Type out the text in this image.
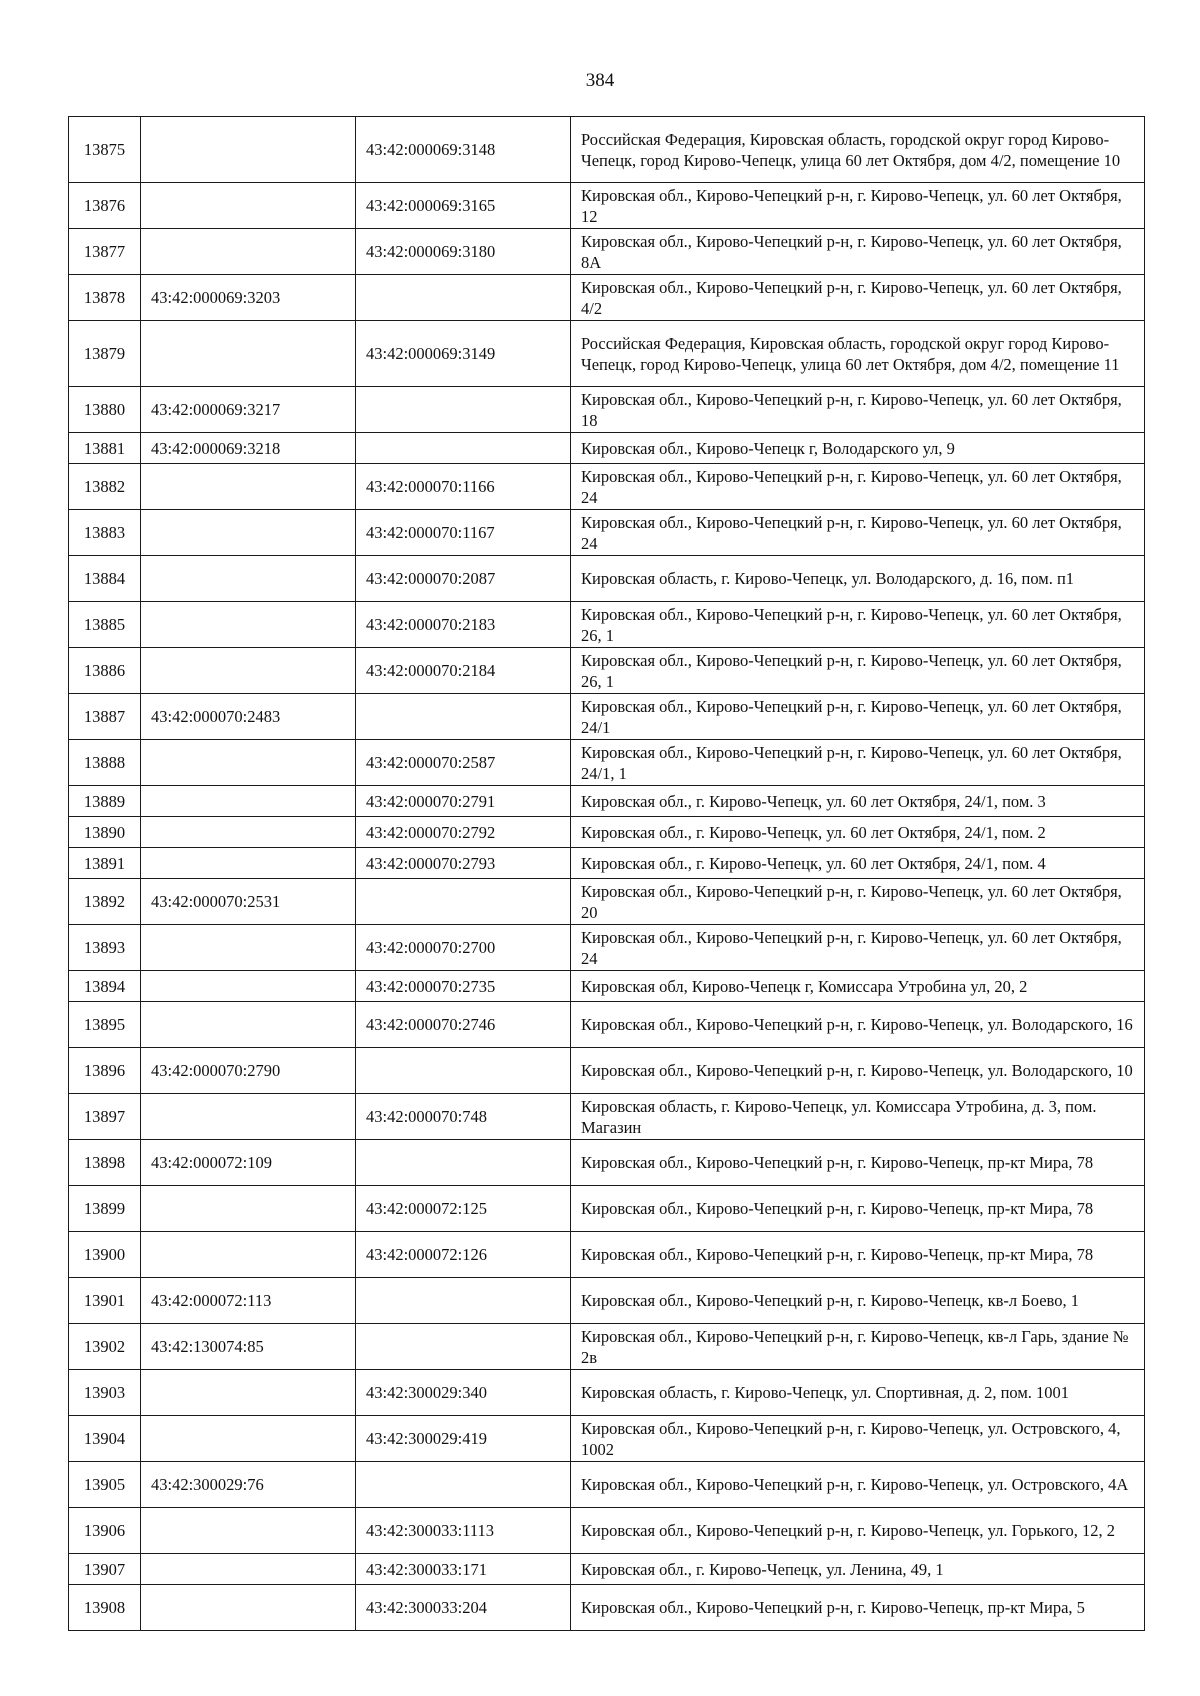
384
13875		43:42:000069:3148	Российская Федерация, Кировская область, городской округ город Кирово-Чепецк, город Кирово-Чепецк, улица 60 лет Октября, дом 4/2, помещение 10
13876		43:42:000069:3165	Кировская обл., Кирово-Чепецкий р-н, г. Кирово-Чепецк, ул. 60 лет Октября, 12
13877		43:42:000069:3180	Кировская обл., Кирово-Чепецкий р-н, г. Кирово-Чепецк, ул. 60 лет Октября, 8А
13878	43:42:000069:3203		Кировская обл., Кирово-Чепецкий р-н, г. Кирово-Чепецк, ул. 60 лет Октября, 4/2
13879		43:42:000069:3149	Российская Федерация, Кировская область, городской округ город Кирово-Чепецк, город Кирово-Чепецк, улица 60 лет Октября, дом 4/2, помещение 11
13880	43:42:000069:3217		Кировская обл., Кирово-Чепецкий р-н, г. Кирово-Чепецк, ул. 60 лет Октября, 18
13881	43:42:000069:3218		Кировская обл., Кирово-Чепецк г, Володарского ул, 9
13882		43:42:000070:1166	Кировская обл., Кирово-Чепецкий р-н, г. Кирово-Чепецк, ул. 60 лет Октября, 24
13883		43:42:000070:1167	Кировская обл., Кирово-Чепецкий р-н, г. Кирово-Чепецк, ул. 60 лет Октября, 24
13884		43:42:000070:2087	Кировская область, г. Кирово-Чепецк, ул. Володарского, д. 16, пом. п1
13885		43:42:000070:2183	Кировская обл., Кирово-Чепецкий р-н, г. Кирово-Чепецк, ул. 60 лет Октября, 26, 1
13886		43:42:000070:2184	Кировская обл., Кирово-Чепецкий р-н, г. Кирово-Чепецк, ул. 60 лет Октября, 26, 1
13887	43:42:000070:2483		Кировская обл., Кирово-Чепецкий р-н, г. Кирово-Чепецк, ул. 60 лет Октября, 24/1
13888		43:42:000070:2587	Кировская обл., Кирово-Чепецкий р-н, г. Кирово-Чепецк, ул. 60 лет Октября, 24/1, 1
13889		43:42:000070:2791	Кировская обл., г. Кирово-Чепецк, ул. 60 лет Октября, 24/1, пом. 3
13890		43:42:000070:2792	Кировская обл., г. Кирово-Чепецк, ул. 60 лет Октября, 24/1, пом. 2
13891		43:42:000070:2793	Кировская обл., г. Кирово-Чепецк, ул. 60 лет Октября, 24/1, пом. 4
13892	43:42:000070:2531		Кировская обл., Кирово-Чепецкий р-н, г. Кирово-Чепецк, ул. 60 лет Октября, 20
13893		43:42:000070:2700	Кировская обл., Кирово-Чепецкий р-н, г. Кирово-Чепецк, ул. 60 лет Октября, 24
13894		43:42:000070:2735	Кировская обл, Кирово-Чепецк г, Комиссара Утробина ул, 20, 2
13895		43:42:000070:2746	Кировская обл., Кирово-Чепецкий р-н, г. Кирово-Чепецк, ул. Володарского, 16
13896	43:42:000070:2790		Кировская обл., Кирово-Чепецкий р-н, г. Кирово-Чепецк, ул. Володарского, 10
13897		43:42:000070:748	Кировская область, г. Кирово-Чепецк, ул. Комиссара Утробина, д. 3, пом. Магазин
13898	43:42:000072:109		Кировская обл., Кирово-Чепецкий р-н, г. Кирово-Чепецк, пр-кт Мира, 78
13899		43:42:000072:125	Кировская обл., Кирово-Чепецкий р-н, г. Кирово-Чепецк, пр-кт Мира, 78
13900		43:42:000072:126	Кировская обл., Кирово-Чепецкий р-н, г. Кирово-Чепецк, пр-кт Мира, 78
13901	43:42:000072:113		Кировская обл., Кирово-Чепецкий р-н, г. Кирово-Чепецк, кв-л Боево, 1
13902	43:42:130074:85		Кировская обл., Кирово-Чепецкий р-н, г. Кирово-Чепецк, кв-л Гарь, здание № 2в
13903		43:42:300029:340	Кировская область, г. Кирово-Чепецк, ул. Спортивная, д. 2, пом. 1001
13904		43:42:300029:419	Кировская обл., Кирово-Чепецкий р-н, г. Кирово-Чепецк, ул. Островского, 4, 1002
13905	43:42:300029:76		Кировская обл., Кирово-Чепецкий р-н, г. Кирово-Чепецк, ул. Островского, 4А
13906		43:42:300033:1113	Кировская обл., Кирово-Чепецкий р-н, г. Кирово-Чепецк, ул. Горького, 12, 2
13907		43:42:300033:171	Кировская обл., г. Кирово-Чепецк, ул. Ленина, 49, 1
13908		43:42:300033:204	Кировская обл., Кирово-Чепецкий р-н, г. Кирово-Чепецк, пр-кт Мира, 5
